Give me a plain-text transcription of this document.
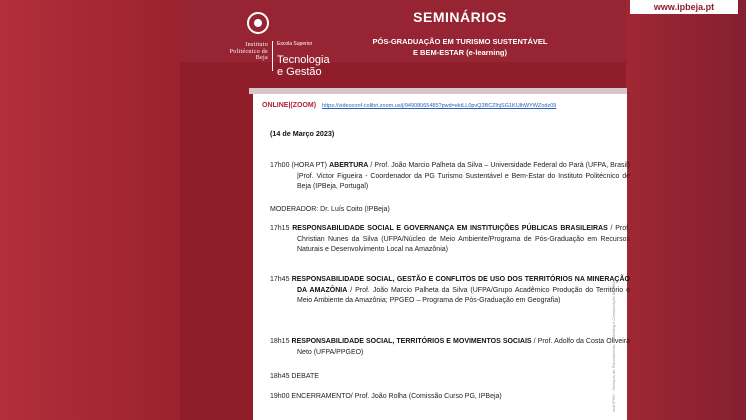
www.ipbeja.pt
Instituto Politécnico de Beja
Escola Superior
Tecnologia e Gestão
SEMINÁRIOS
PÓS-GRADUAÇÃO EM TURISMO SUSTENTÁVEL
E BEM-ESTAR (e-learning)
ONLINE|(ZOOM) https://videoconf-colibri.zoom.us/j/94908065485?pwd=ektLL0pvQ3BCZlhjSG1KUlhWYWZodz09
(14 de Março 2023)
17h00 (HORA PT) ABERTURA / Prof. João Marcio Palheta da Silva – Universidade Federal do Pará (UFPA, Brasil) |Prof. Victor Figueira - Coordenador da PG Turismo Sustentável e Bem-Estar do Instituto Politécnico de Beja (IPBeja, Portugal)
MODERADOR: Dr. Luís Coito (IPBeja)
17h15 RESPONSABILIDADE SOCIAL E GOVERNANÇA EM INSTITUIÇÕES PÚBLICAS BRASILEIRAS / Prof. Christian Nunes da Silva (UFPA/Núcleo de Meio Ambiente/Programa de Pós-Graduação em Recursos Naturais e Desenvolvimento Local na Amazônia)
17h45 RESPONSABILIDADE SOCIAL, GESTÃO E CONFLITOS DE USO DOS TERRITÓRIOS NA MINERAÇÃO DA AMAZÔNIA / Prof. João Marcio Palheta da Silva (UFPA/Grupo Acadêmico Produção do Território e Meio Ambiente da Amazônia; PPGEO – Programa de Pós-Graduação em Geografia)
18h15 RESPONSABILIDADE SOCIAL, TERRITÓRIOS E MOVIMENTOS SOCIAIS / Prof. Adolfo da Costa Oliveira Neto (UFPA/PPGEO)
18h45 DEBATE
19h00 ENCERRAMENTO/ Prof. João Rolha (Comissão Curso PG, IPBeja)	ordt IPMC · Serviços de Planeamento, Marketing e Comunicação do IPBeja
